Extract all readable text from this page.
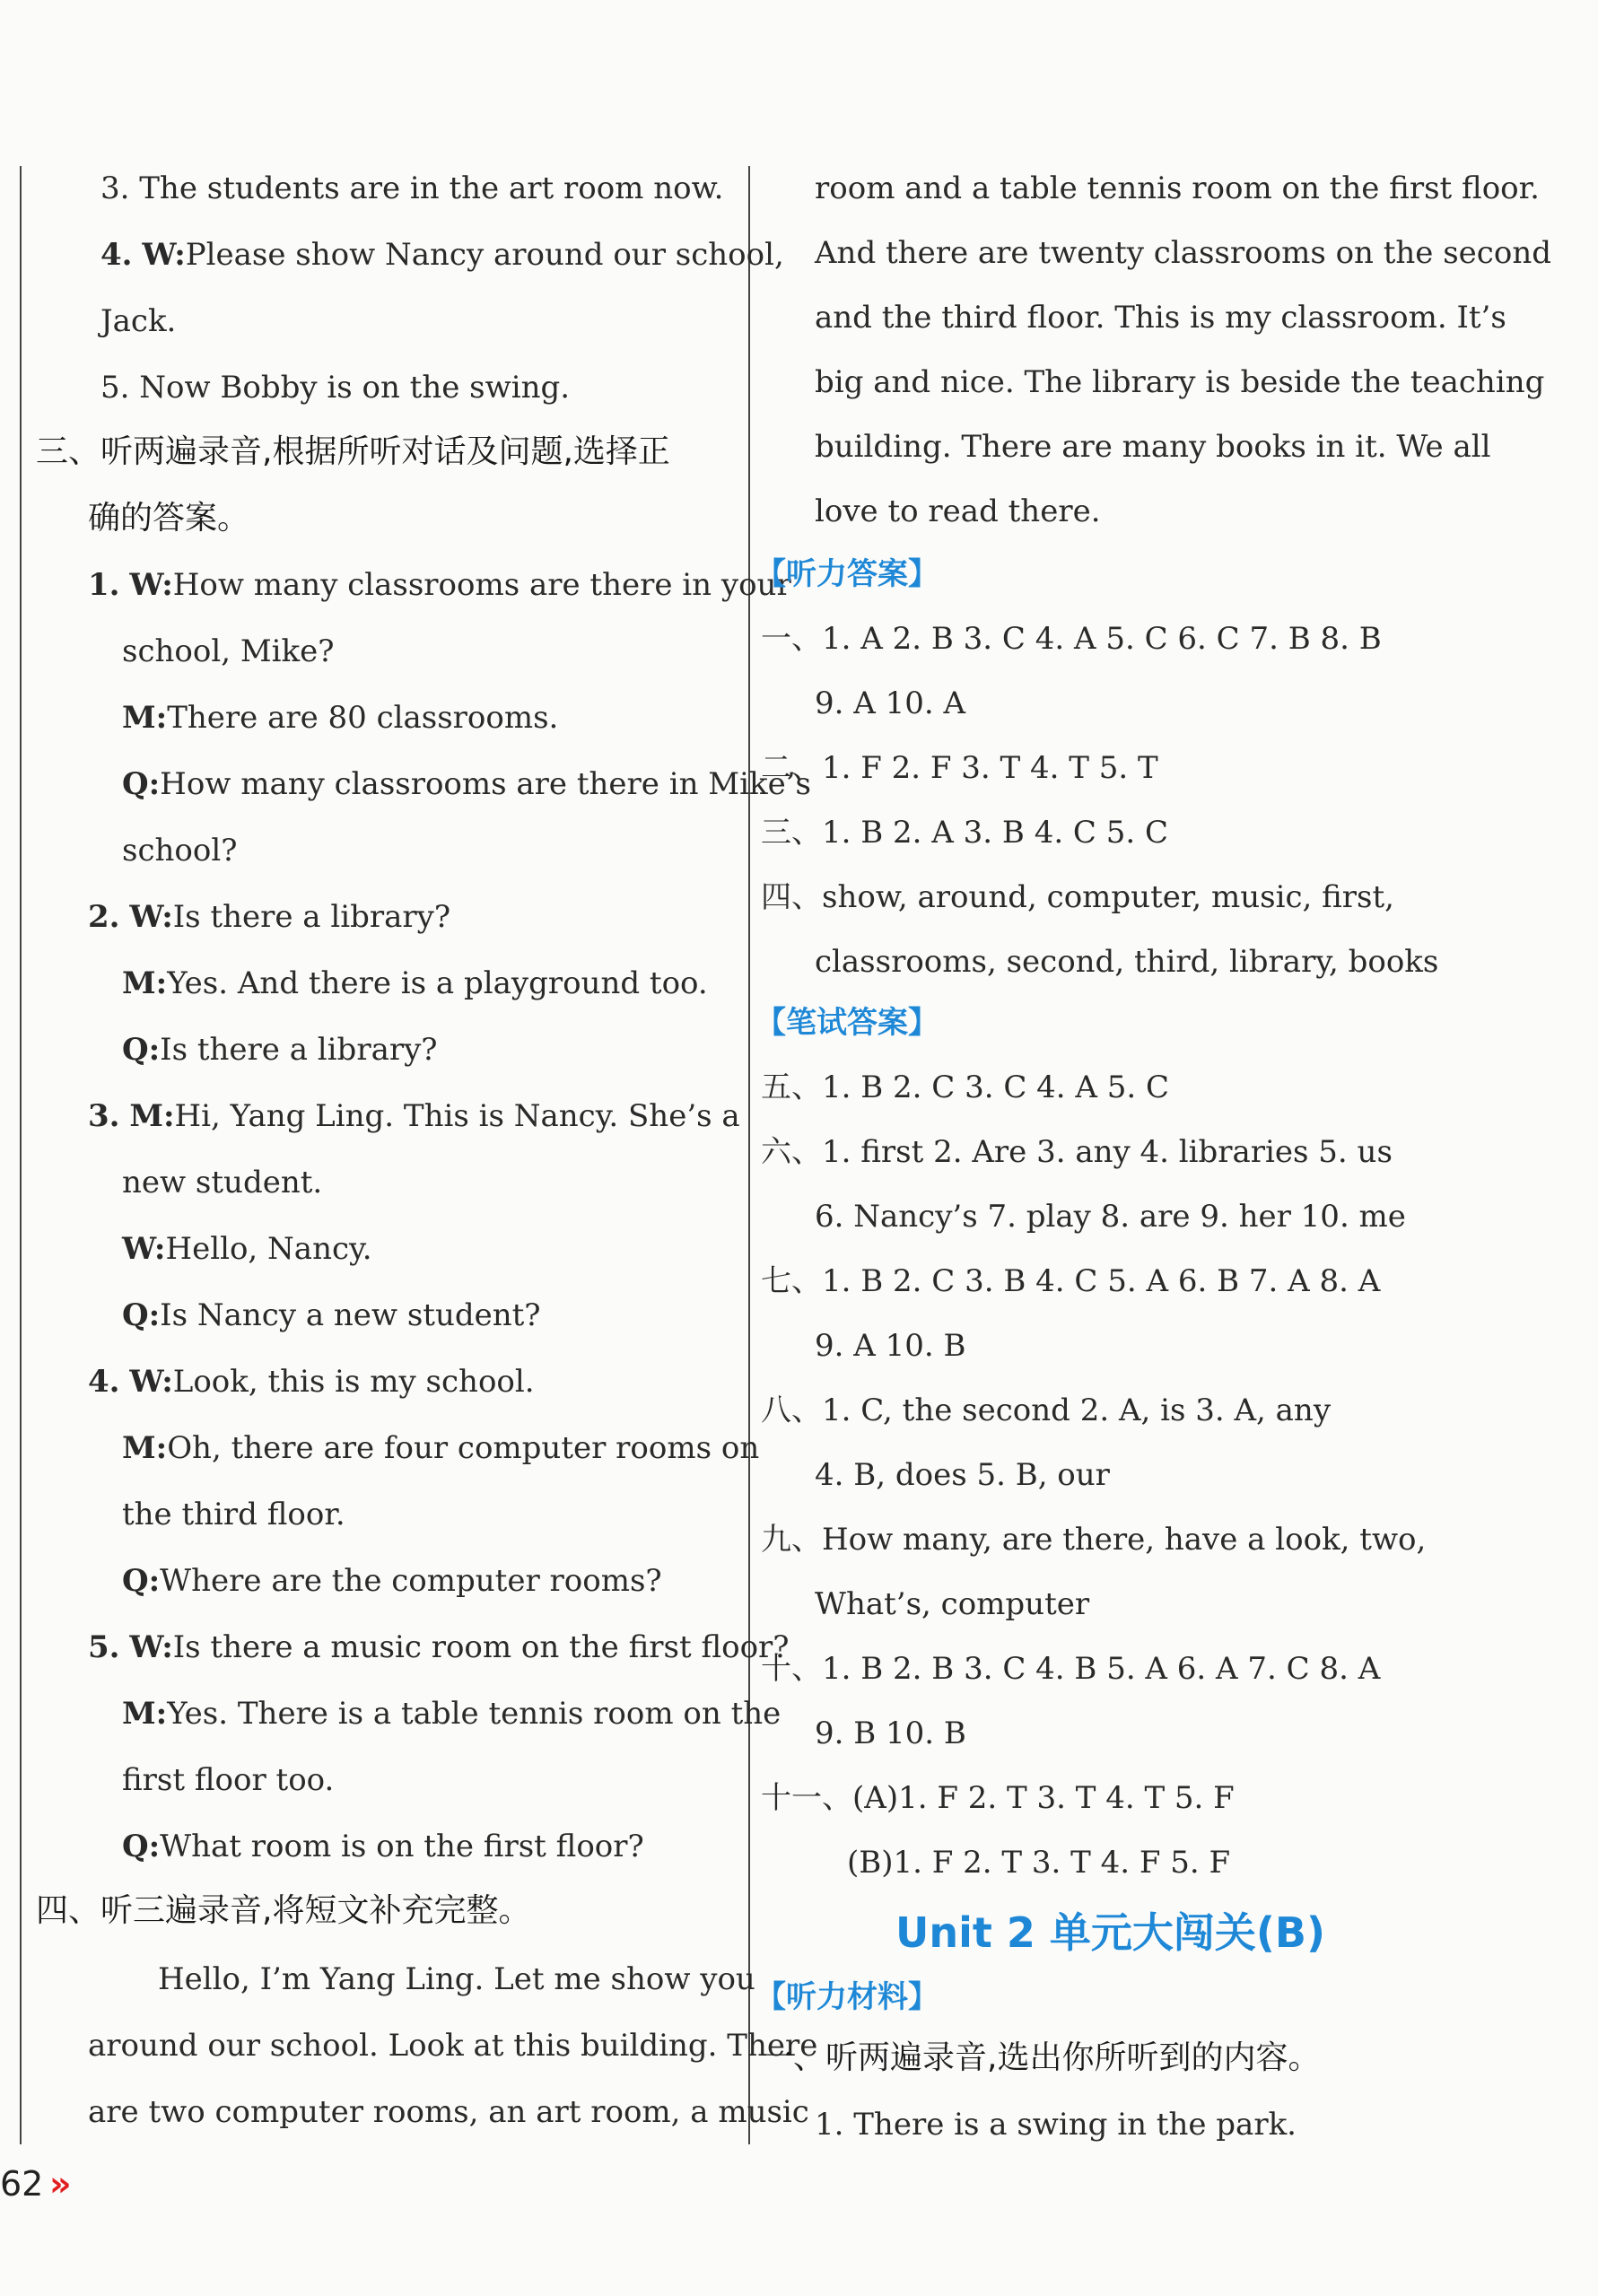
3. The students are in the art room now.
4. W:Please show Nancy around our school,
Jack.
5. Now Bobby is on the swing.
三、听两遍录音,根据所听对话及问题,选择正
确的答案。
1. W:How many classrooms are there in your
school, Mike?
M:There are 80 classrooms.
Q:How many classrooms are there in Mike’s
school?
2. W:Is there a library?
M:Yes. And there is a playground too.
Q:Is there a library?
3. M:Hi, Yang Ling. This is Nancy. She’s a
new student.
W:Hello, Nancy.
Q:Is Nancy a new student?
4. W:Look, this is my school.
M:Oh, there are four computer rooms on
the third floor.
Q:Where are the computer rooms?
5. W:Is there a music room on the first floor?
M:Yes. There is a table tennis room on the
first floor too.
Q:What room is on the first floor?
四、听三遍录音,将短文补充完整。
Hello, I’m Yang Ling. Let me show you
around our school. Look at this building. There
are two computer rooms, an art room, a music
room and a table tennis room on the first floor.
And there are twenty classrooms on the second
and the third floor. This is my classroom. It’s
big and nice. The library is beside the teaching
building. There are many books in it. We all
love to read there.
【听力答案】
一、1. A 2. B 3. C 4. A 5. C 6. C 7. B 8. B
9. A 10. A
二、1. F 2. F 3. T 4. T 5. T
三、1. B 2. A 3. B 4. C 5. C
四、show, around, computer, music, first,
classrooms, second, third, library, books
【笔试答案】
五、1. B 2. C 3. C 4. A 5. C
六、1. first 2. Are 3. any 4. libraries 5. us
6. Nancy’s 7. play 8. are 9. her 10. me
七、1. B 2. C 3. B 4. C 5. A 6. B 7. A 8. A
9. A 10. B
八、1. C, the second 2. A, is 3. A, any
4. B, does 5. B, our
九、How many, are there, have a look, two,
What’s, computer
十、1. B 2. B 3. C 4. B 5. A 6. A 7. C 8. A
9. B 10. B
十一、(A)1. F 2. T 3. T 4. T 5. F
(B)1. F 2. T 3. T 4. F 5. F
Unit 2 单元大闯关(B)
【听力材料】
一、听两遍录音,选出你所听到的内容。
1. There is a swing in the park.
62 »
